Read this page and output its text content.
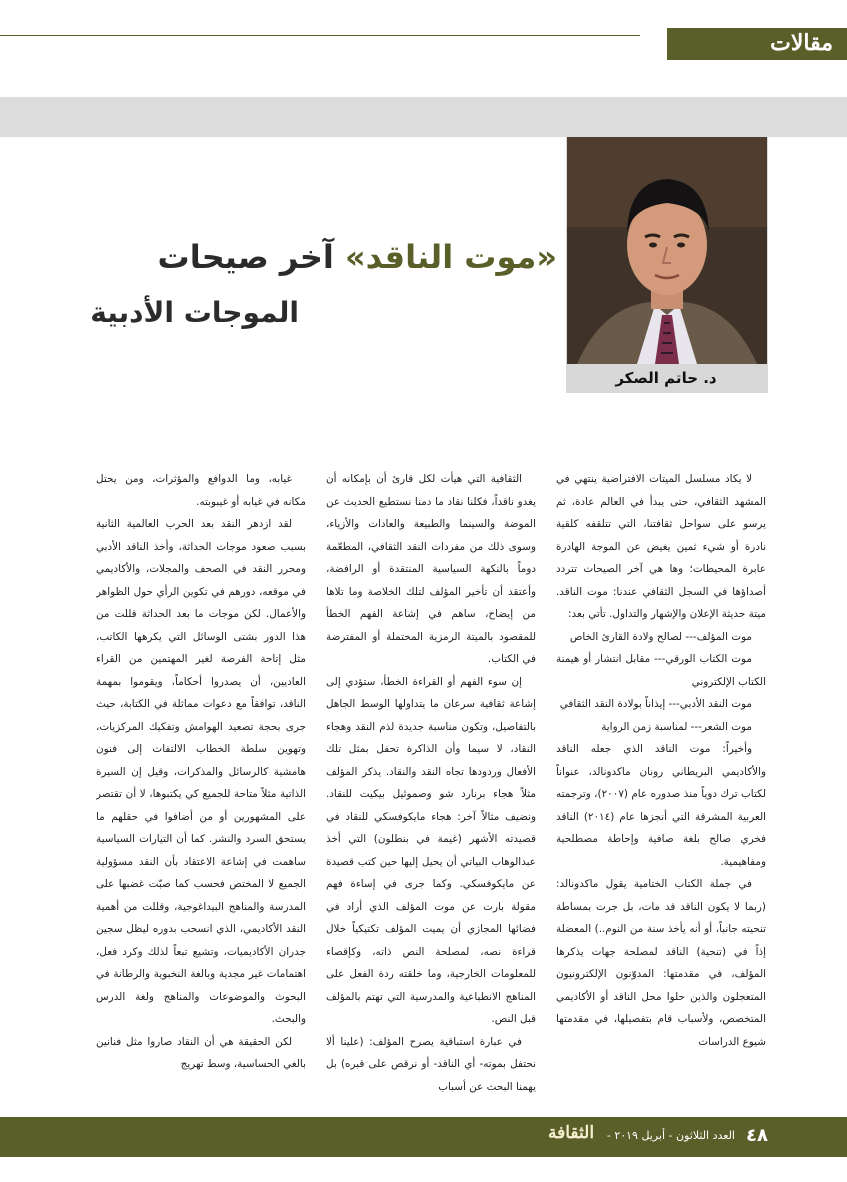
مقالات
د. حاتم الصكر
«موت الناقد» آخر صيحات
الموجات الأدبية

لا يكاد مسلسل الميتات الافتراضية ينتهي في المشهد الثقافي، حتى يبدأ في العالم عادة، ثم يرسو على سواحل ثقافتنا، التي تتلقفه كلقية نادرة أو شيء ثمين يغيض عن الموجة الهادرة عابرة المحيطات؛ وها هي آخر الصيحات تتردد أصداؤها في السجل الثقافي عندنا: موت الناقد. ميتة حديثة الإعلان والإشهار والتداول. تأتي بعد:

موت المؤلف--- لصالح ولادة القارئ الخاص

موت الكتاب الورقي--- مقابل انتشار أو هيمنة الكتاب الإلكتروني

موت النقد الأدبي--- إيذاناً بولادة النقد الثقافي

موت الشعر--- لمناسبة زمن الرواية

وأخيراً: موت الناقد الذي جعله الناقد والأكاديمي البريطاني رونان ماكدونالد، عنواناً لكتاب ترك دوياً منذ صدوره عام (٢٠٠٧)، وترجمته العربية المشرقة التي أنجزها عام (٢٠١٤) الناقد فخري صالح بلغة صافية وإحاطة مصطلحية ومفاهيمية.

في جملة الكتاب الختامية يقول ماكدونالد: (ربما لا يكون الناقد قد مات، بل جرت بمساطة تنحيته جانباً، أو أنه يأخذ سنة من النوم..) المعضلة إذاً في (تنحية) الناقد لمصلحة جهات يذكرها المؤلف، في مقدمتها: المدوّنون الإلكترونيون المتعجلون والذين حلوا محل الناقد أو الأكاديمي المتخصص، ولأسباب قام بتفصيلها، في مقدمتها شيوع الدراسات

الثقافية التي هيأت لكل قارئ أن بإمكانه أن يغدو ناقداً، فكلنا نقاد ما دمنا نستطيع الحديث عن الموضة والسينما والطبيعة والعادات والأزياء، وسوى ذلك من مفردات النقد الثقافي، المطعّمة دوماً بالنكهة السياسية المنتقدة أو الرافضة، وأعتقد أن تأخير المؤلف لتلك الخلاصة وما تلاها من إيضاح، ساهم في إشاعة الفهم الخطأ للمقصود بالميتة الرمزية المحتملة أو المفترضة في الكتاب.

إن سوء الفهم أو القراءة الخطأ، ستؤدي إلى إشاعة ثقافية سرعان ما يتداولها الوسط الجاهل بالتفاصيل، وتكون مناسبة جديدة لذم النقد وهجاء النقاد، لا سيما وأن الذاكرة تحفل بمثل تلك الأفعال وردودها تجاه النقد والنقاد. يذكر المؤلف مثلاً هجاء برنارد شو وصموئيل بيكيت للنقاد. ونضيف مثالاً آخر: هجاء مايكوفسكي للنقاد في قصيدته الأشهر (غيمة في بنطلون) التي أخذ عبدالوهاب البياتي أن يحيل إليها حين كتب قصيدة عن مايكوفسكي. وكما جرى في إساءة فهم مقولة بارت عن موت المؤلف الذي أراد في فضائها المجازي أن يميت المؤلف تكتيكياً خلال قراءة نصه، لمصلحة النص ذاته، وكإقصاء للمعلومات الخارجية، وما خلقته ردة الفعل على المناهج الانطباعية والمدرسية التي تهتم بالمؤلف قبل النص.

في عبارة استباقية يصرح المؤلف: (علينا ألا نحتفل بموته- أي الناقد- أو نرقص على قبره) بل يهمنا البحث عن أسباب

غيابه، وما الدوافع والمؤثرات، ومن يحتل مكانه في غيابه أو غيبوبته.

لقد ازدهر النقد بعد الحرب العالمية الثانية بسبب صعود موجات الحداثة، وأخذ الناقد الأدبي ومحرر النقد في الصحف والمجلات، والأكاديمي في موقعه، دورهم في تكوين الرأي حول الظواهر والأعمال. لكن موجات ما بعد الحداثة قللت من هذا الدور بشتى الوسائل التي يكرهها الكاتب، مثل إتاحة الفرصة لغير المهتمين من القراء العاديين، أن يصدروا أحكاماً، ويقوموا بمهمة الناقد، توافقاً مع دعوات مماثلة في الكتابة، حيث جرى بحجة تصعيد الهوامش وتفكيك المركزيات، وتهوين سلطة الخطاب الالتفات إلى فنون هامشية كالرسائل والمذكرات، وقيل إن السيرة الذاتية مثلاً متاحة للجميع كي يكتبوها، لا أن تقتصر على المشهورين أو من أضافوا في حقلهم ما يستحق السرد والنشر. كما أن التيارات السياسية ساهمت في إشاعة الاعتقاد بأن النقد مسؤولية الجميع لا المختص فحسب كما صبّت غضبها على المدرسة والمناهج البيداغوجية، وقللت من أهمية النقد الأكاديمي، الذي انسحب بدوره ليظل سجين جدران الأكاديميات، وتشيع تبعاً لذلك وكرد فعل، اهتمامات غير مجدية وبالغة النخبوية والرطانة في البحوث والموضوعات والمناهج ولغة الدرس والبحث.

لكن الحقيقة هي أن النقاد صاروا مثل فنانين بالغي الحساسية، وسط تهريج

٤٨
العدد الثلاثون - أبريل ٢٠١٩ -
الثقافة
